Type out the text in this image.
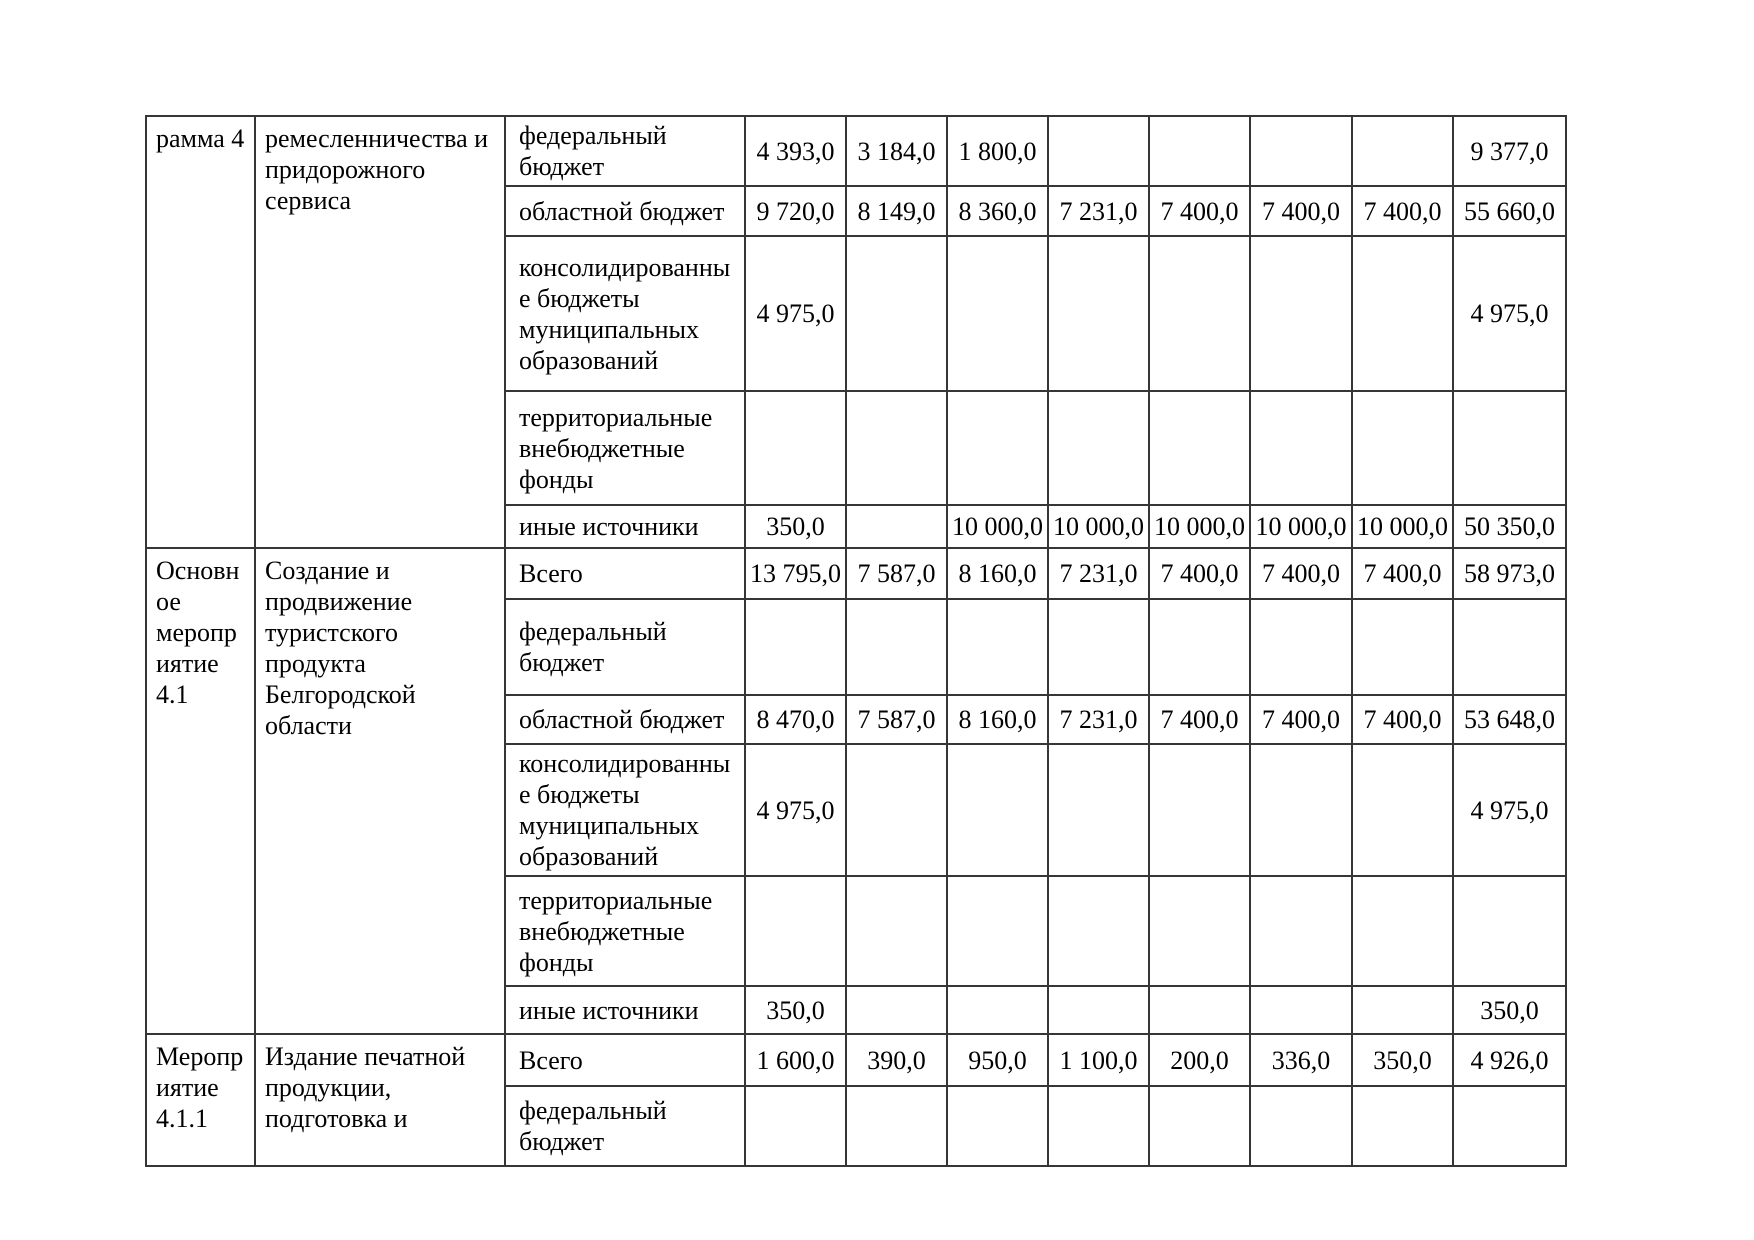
рамма 4	ремесленничества и придорожного сервиса	федеральный бюджет	4 393,0	3 184,0	1 800,0					9 377,0
		областной бюджет	9 720,0	8 149,0	8 360,0	7 231,0	7 400,0	7 400,0	7 400,0	55 660,0
		консолидированные бюджеты муниципальных образований	4 975,0							4 975,0
		территориальные внебюджетные фонды								
		иные источники	350,0		10 000,0	10 000,0	10 000,0	10 000,0	10 000,0	50 350,0
Основное мероприятие 4.1	Создание и продвижение туристского продукта Белгородской области	Всего	13 795,0	7 587,0	8 160,0	7 231,0	7 400,0	7 400,0	7 400,0	58 973,0
		федеральный бюджет								
		областной бюджет	8 470,0	7 587,0	8 160,0	7 231,0	7 400,0	7 400,0	7 400,0	53 648,0
		консолидированные бюджеты муниципальных образований	4 975,0							4 975,0
		территориальные внебюджетные фонды								
		иные источники	350,0							350,0
Мероприятие 4.1.1	Издание печатной продукции, подготовка и	Всего	1 600,0	390,0	950,0	1 100,0	200,0	336,0	350,0	4 926,0
		федеральный бюджет								
